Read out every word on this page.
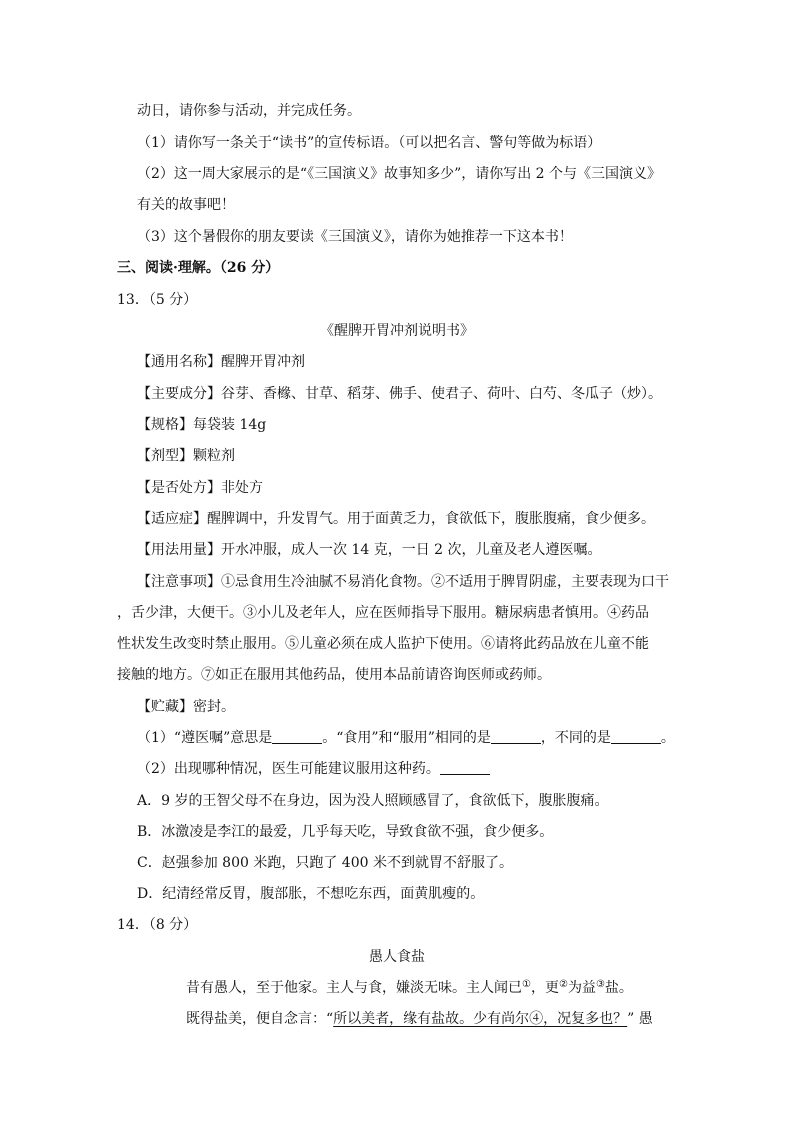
动日，请你参与活动，并完成任务。
（1）请你写一条关于“读书”的宣传标语。（可以把名言、警句等做为标语）
（2）这一周大家展示的是“《三国演义》故事知多少”，请你写出 2 个与《三国演义》
有关的故事吧！
（3）这个暑假你的朋友要读《三国演义》，请你为她推荐一下这本书！
三、阅读·理解。（26 分）
13．（5 分）
《醒脾开胃冲剂说明书》
【通用名称】醒脾开胃冲剂
【主要成分】谷芽、香橼、甘草、稻芽、佛手、使君子、荷叶、白芍、冬瓜子（炒）。
【规格】每袋装 14g
【剂型】颗粒剂
【是否处方】非处方
【适应症】醒脾调中，升发胃气。用于面黄乏力，食欲低下，腹胀腹痛，食少便多。
【用法用量】开水冲服，成人一次 14 克，一日 2 次，儿童及老人遵医嘱。
【注意事项】①忌食用生冷油腻不易消化食物。②不适用于脾胃阴虚，主要表现为口干
，舌少津，大便干。③小儿及老年人，应在医师指导下服用。糖尿病患者慎用。④药品
性状发生改变时禁止服用。⑤儿童必须在成人监护下使用。⑥请将此药品放在儿童不能
接触的地方。⑦如正在服用其他药品，使用本品前请咨询医师或药师。
【贮藏】密封。
（1）“遵医嘱”意思是	。“食用”和“服用”相同的是	，不同的是	。
（2）出现哪种情况，医生可能建议服用这种药。
A．9 岁的王智父母不在身边，因为没人照顾感冒了，食欲低下，腹胀腹痛。
B．冰激凌是李江的最爱，几乎每天吃，导致食欲不强，食少便多。
C．赵强参加 800 米跑，只跑了 400 米不到就胃不舒服了。
D．纪清经常反胃，腹部胀，不想吃东西，面黄肌瘦的。
14．（8 分）
愚人食盐
昔有愚人，至于他家。主人与食，嫌淡无味。主人闻已①，更②为益③盐。
既得盐美，便自念言：“所以美者，缘有盐故。少有尚尔④，况复多也？” 愚
